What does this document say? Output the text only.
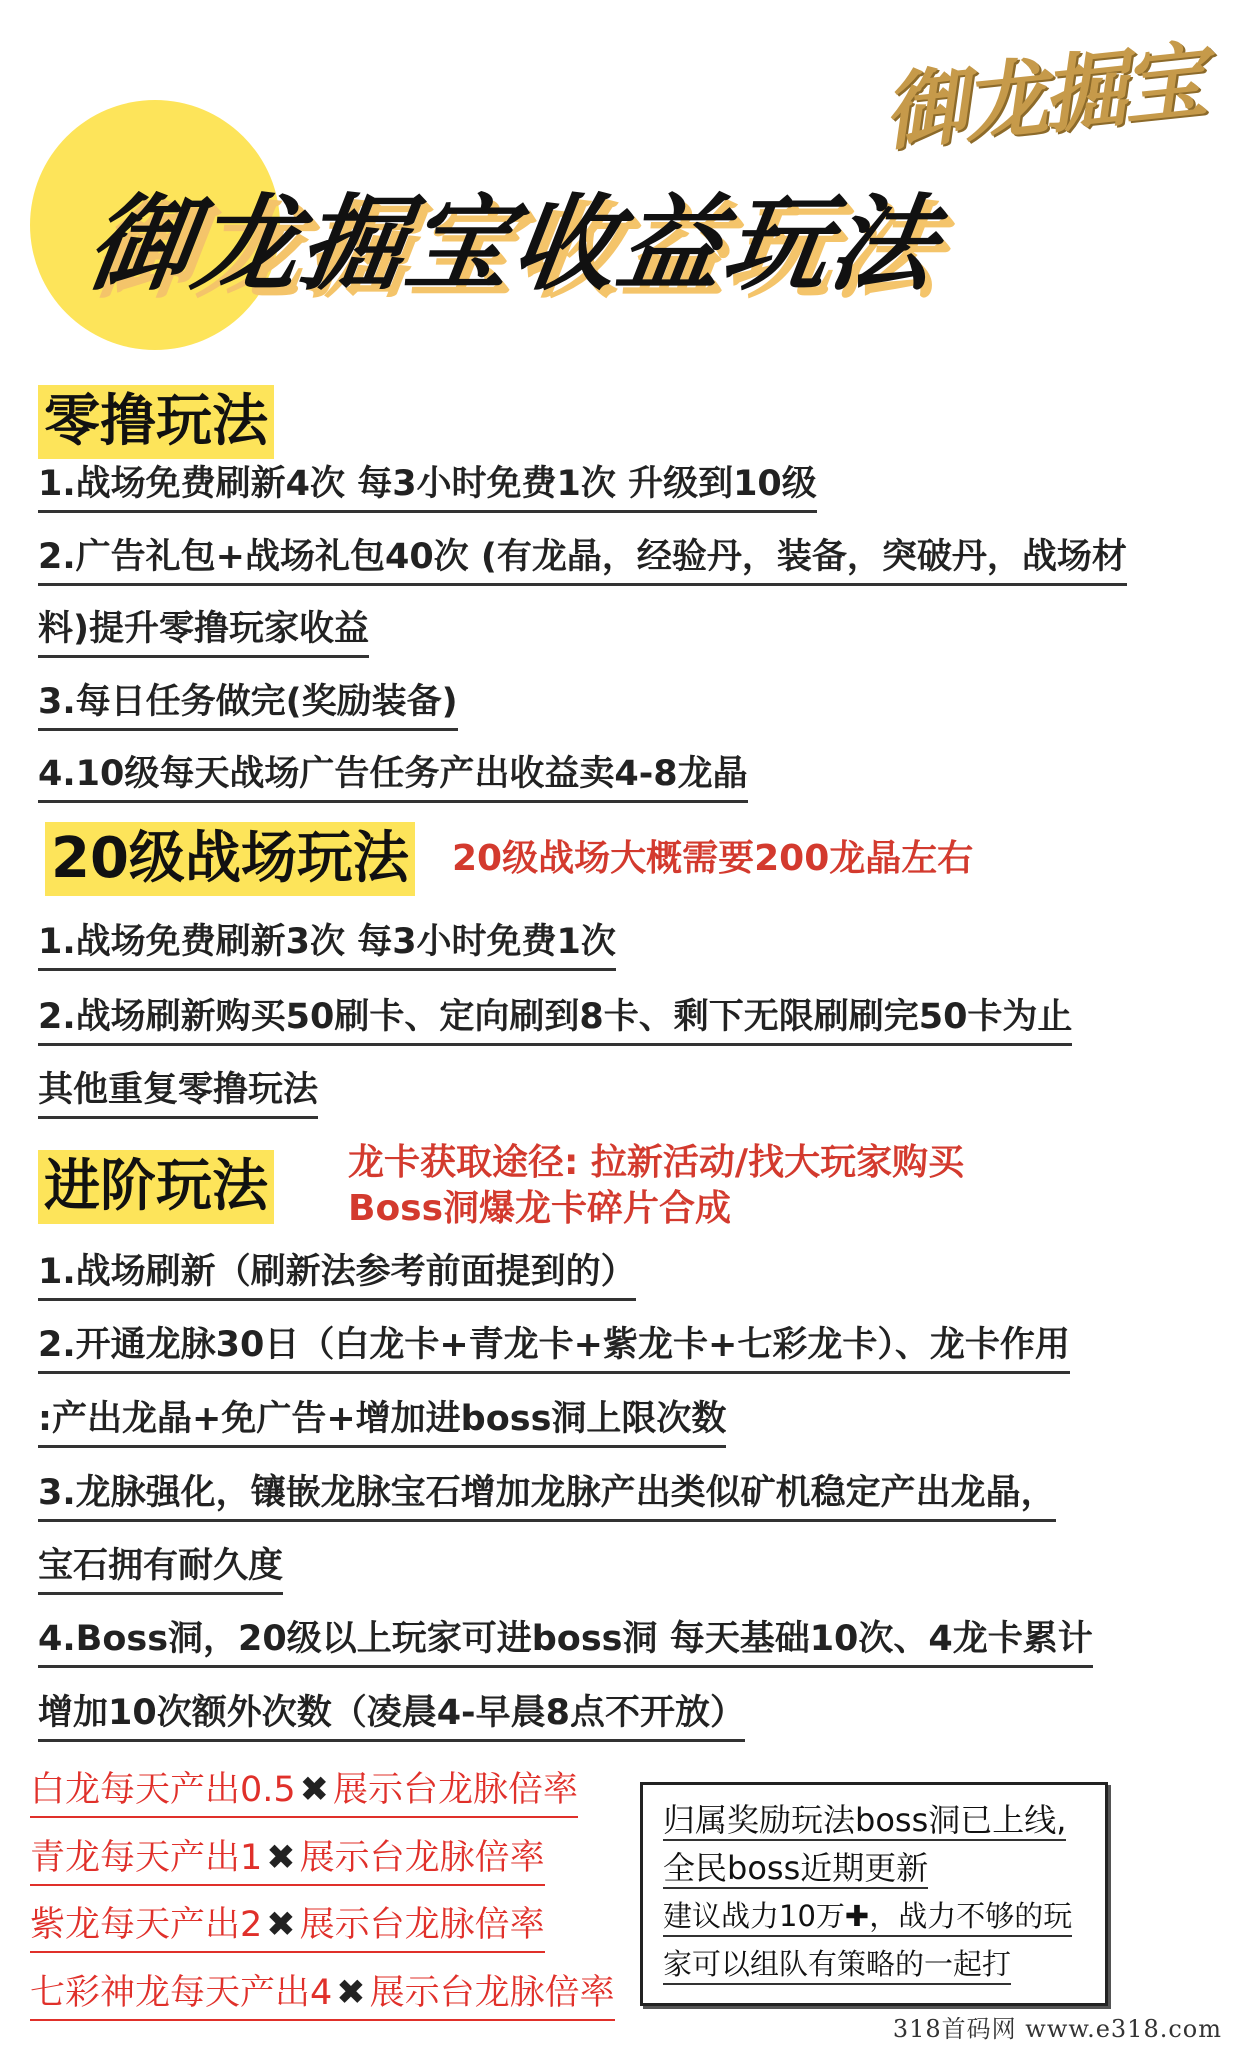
御龙掘宝
御龙掘宝收益玩法
零撸玩法
1.战场免费刷新4次 每3小时免费1次 升级到10级
2.广告礼包+战场礼包40次 (有龙晶，经验丹，装备，突破丹，战场材
料)提升零撸玩家收益
3.每日任务做完(奖励装备)
4.10级每天战场广告任务产出收益卖4-8龙晶
20级战场玩法 20级战场大概需要200龙晶左右
1.战场免费刷新3次 每3小时免费1次
2.战场刷新购买50刷卡、定向刷到8卡、剩下无限刷刷完50卡为止
其他重复零撸玩法
进阶玩法 龙卡获取途径: 拉新活动/找大玩家购买
Boss洞爆龙卡碎片合成
1.战场刷新（刷新法参考前面提到的）
2.开通龙脉30日（白龙卡+青龙卡+紫龙卡+七彩龙卡）、龙卡作用
:产出龙晶+免广告+增加进boss洞上限次数
3.龙脉强化，镶嵌龙脉宝石增加龙脉产出类似矿机稳定产出龙晶，
宝石拥有耐久度
4.Boss洞，20级以上玩家可进boss洞 每天基础10次、4龙卡累计
增加10次额外次数（凌晨4-早晨8点不开放）
白龙每天产出0.5 ✖ 展示台龙脉倍率
青龙每天产出1 ✖ 展示台龙脉倍率
紫龙每天产出2 ✖ 展示台龙脉倍率
七彩神龙每天产出4 ✖ 展示台龙脉倍率
归属奖励玩法boss洞已上线,
全民boss近期更新
建议战力10万✚，战力不够的玩
家可以组队有策略的一起打
318首码网 www.e318.com
